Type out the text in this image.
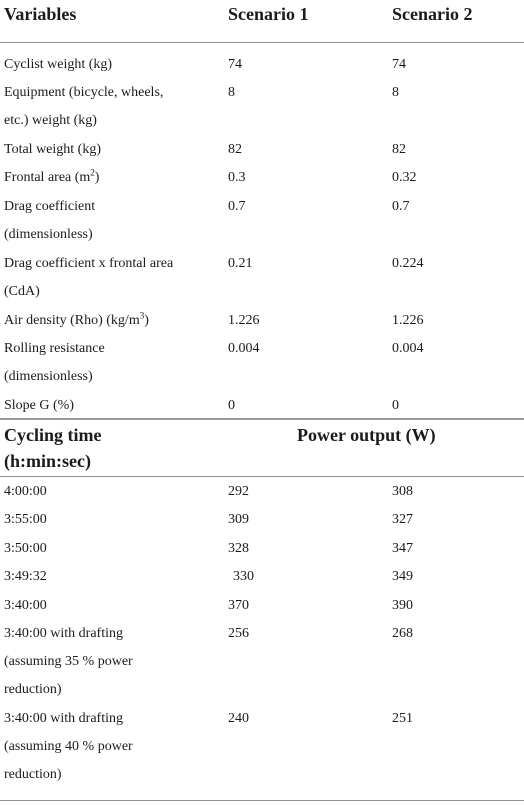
Variables	Scenario 1	Scenario 2
Cyclist weight (kg)	74	74
Equipment (bicycle, wheels,
etc.) weight (kg)
8	8
Total weight (kg)	82	82
Frontal area $(m^2)$	0.3	0.32
Drag coefficient
(dimensionless)
0.7	0.7
Drag coefficient x frontal area
(CdA)
0.21	0.224
Air density (Rho) $(kg/m^3)$	1.226	1.226
Rolling resistance
(dimensionless)
0.004	0.004
Slope G (%)	0	0
Cycling time
(h:min:sec)
Power output (W)
4:00:00	292	308
3:55:00	309	327
3:50:00	328	347
3:49:32	330	349
3:40:00	370	390
3:40:00 with drafting
(assuming 35 % power
reduction)
256	268
3:40:00 with drafting
(assuming 40 % power
reduction)
240	251
